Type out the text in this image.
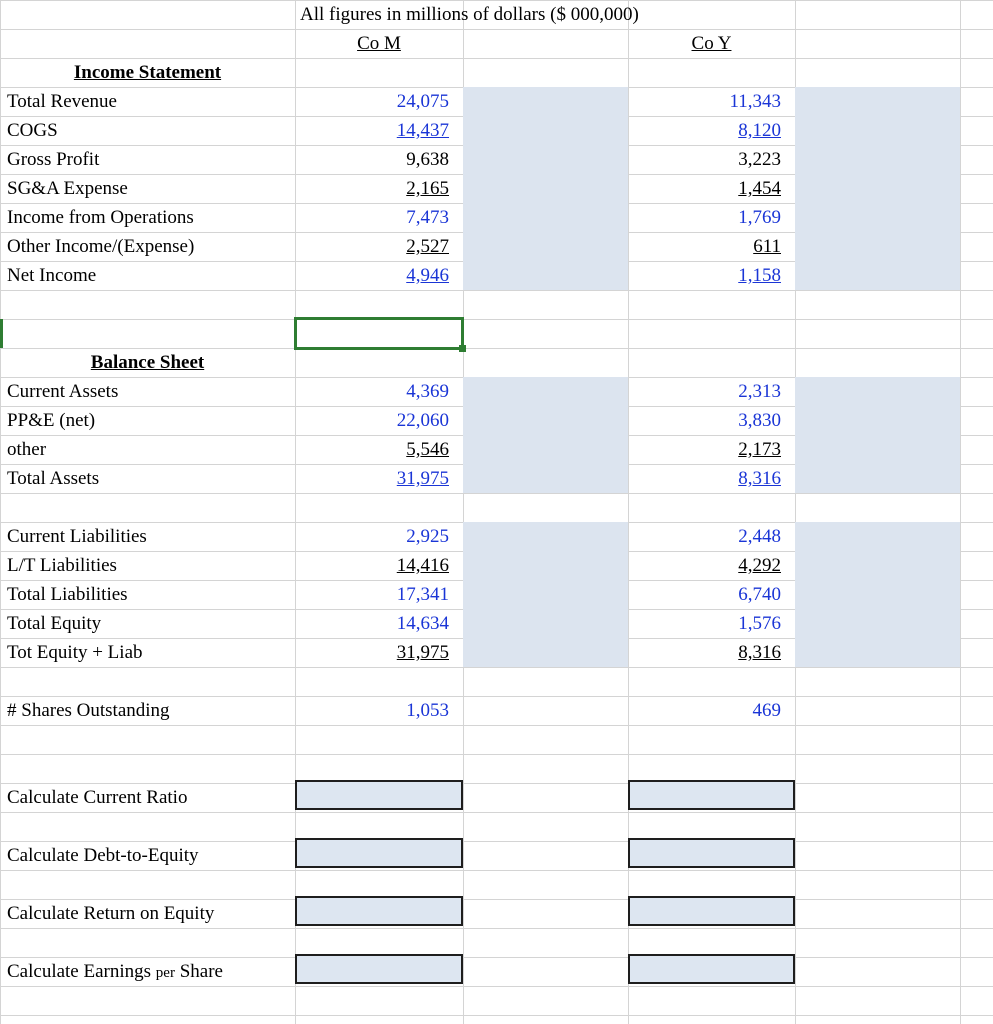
All figures in millions of dollars ($ 000,000)
Co M	Co Y
Income Statement
Total Revenue	24,075	11,343
COGS	14,437	8,120
Gross Profit	9,638	3,223
SG&A Expense	2,165	1,454
Income from Operations	7,473	1,769
Other Income/(Expense)	2,527	611
Net Income	4,946	1,158
Balance Sheet
Current Assets	4,369	2,313
PP&E (net)	22,060	3,830
other	5,546	2,173
Total Assets	31,975	8,316
Current Liabilities	2,925	2,448
L/T Liabilities	14,416	4,292
Total Liabilities	17,341	6,740
Total Equity	14,634	1,576
Tot Equity + Liab	31,975	8,316
# Shares Outstanding	1,053	469
Calculate Current Ratio
Calculate Debt-to-Equity
Calculate Return on Equity
Calculate Earnings per Share
